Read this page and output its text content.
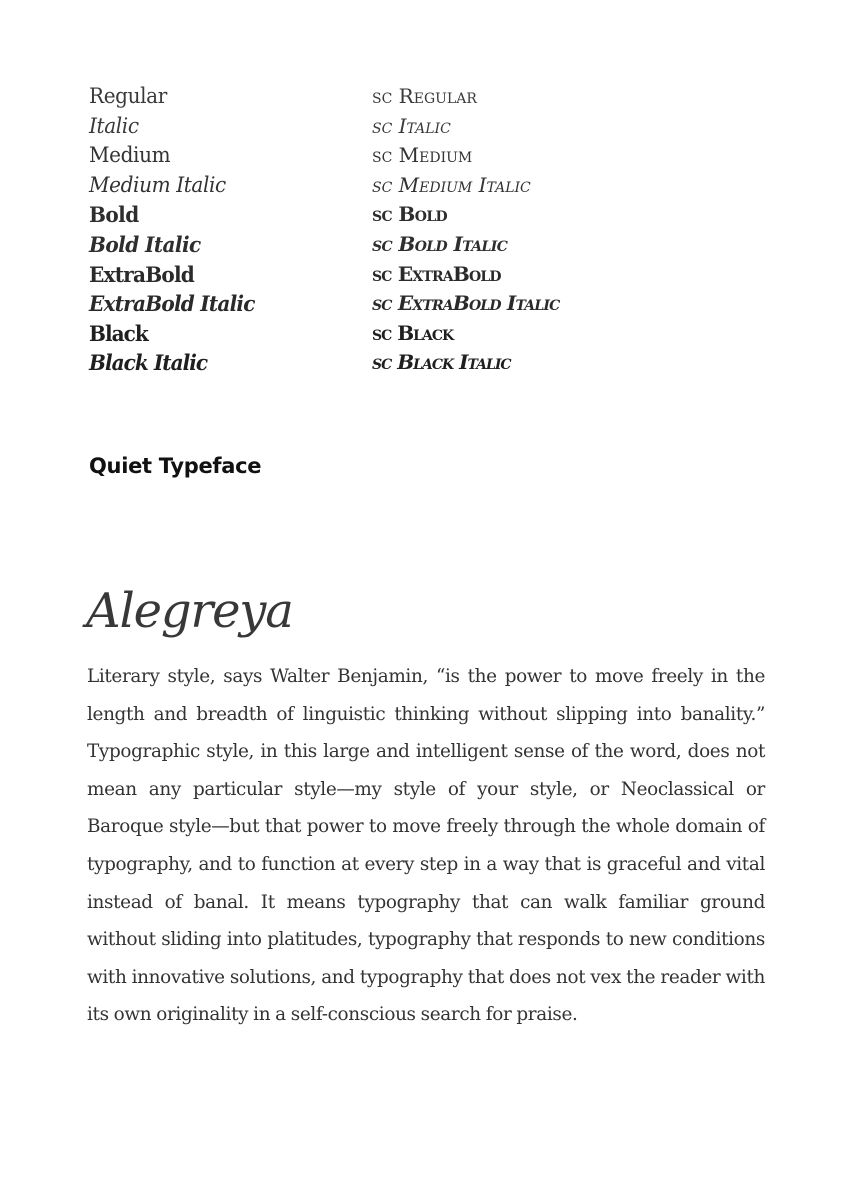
Regular	sc Regular
Italic	sc Italic
Medium	sc Medium
Medium Italic	sc Medium Italic
Bold	sc Bold
Bold Italic	sc Bold Italic
ExtraBold	sc ExtraBold
ExtraBold Italic	sc ExtraBold Italic
Black	sc Black
Black Italic	sc Black Italic
Quiet Typeface
Alegreya

Literary style, says Walter Benjamin, “is the power to move freely in the length and breadth of linguistic thinking without slipping into banality.” Typographic style, in this large and intelligent sense of the word, does not mean any particular style—my style of your style, or Neoclassical or Baroque style—but that power to move freely through the whole domain of typography, and to function at every step in a way that is graceful and vital instead of banal. It means typography that can walk familiar ground without sliding into platitudes, typography that responds to new conditions with innovative solutions, and typography that does not vex the reader with its own originality in a self-conscious search for praise.
